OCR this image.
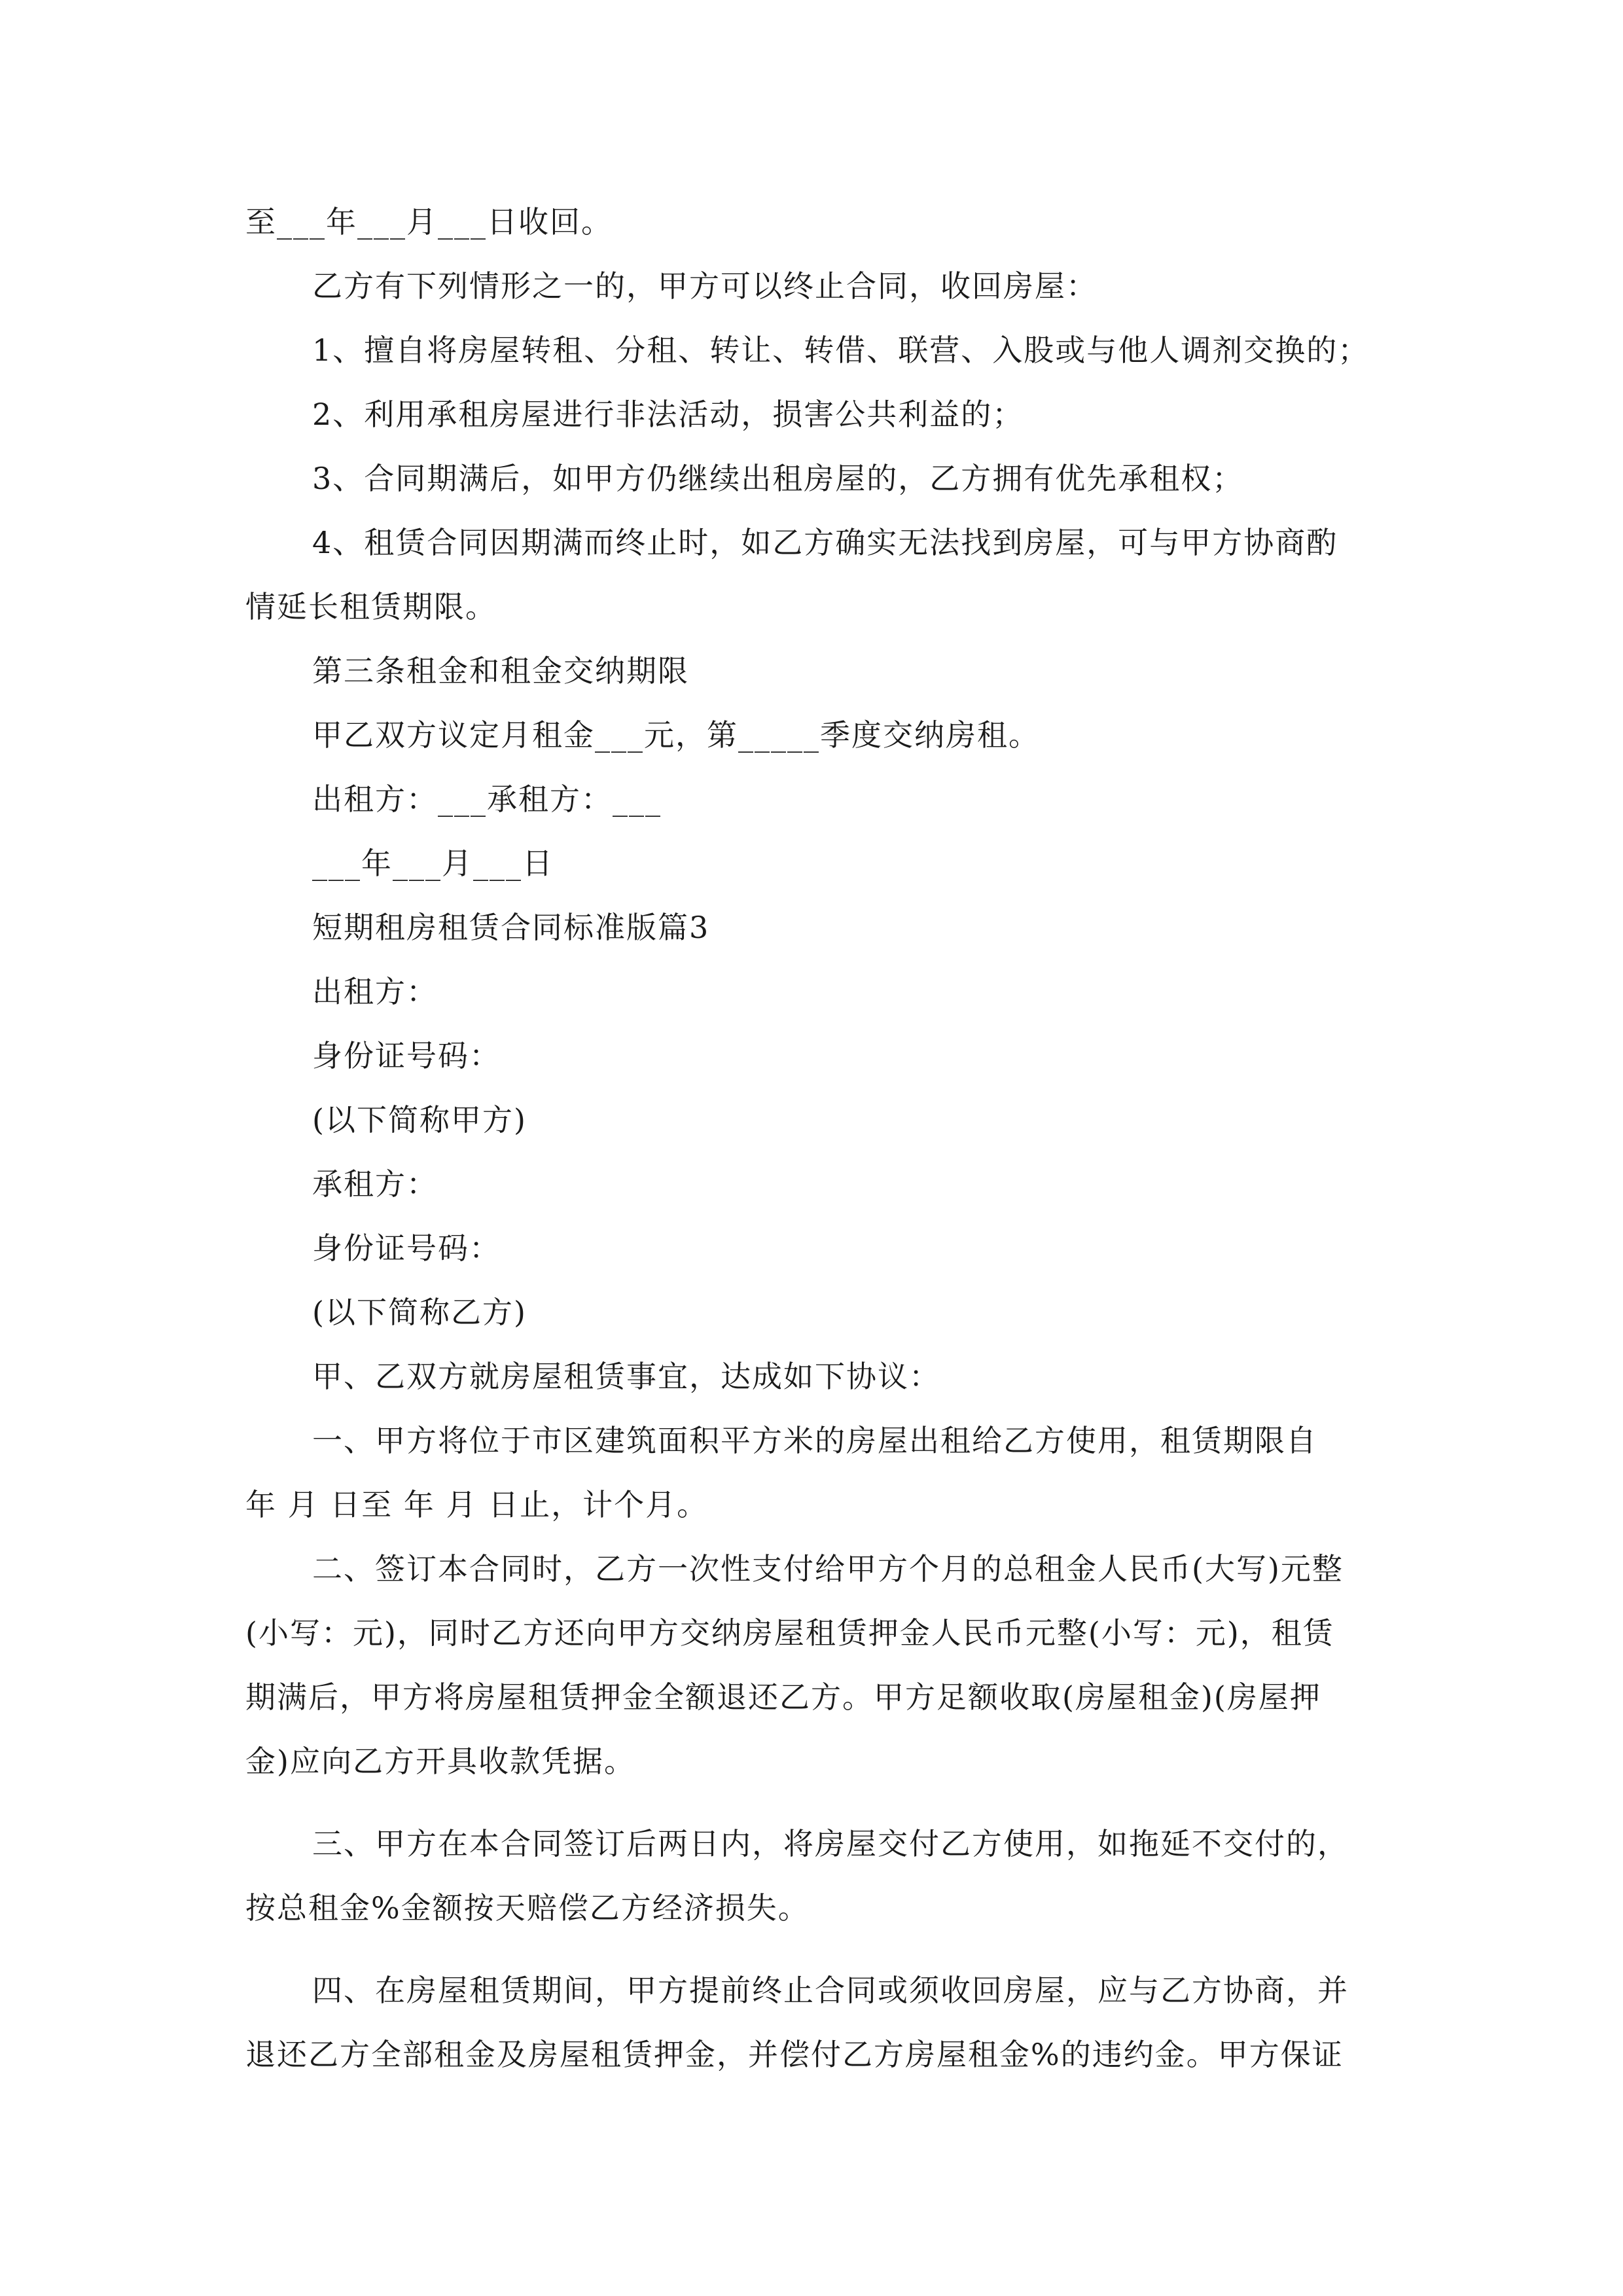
至___年___月___日收回。
乙方有下列情形之一的，甲方可以终止合同，收回房屋：
1、擅自将房屋转租、分租、转让、转借、联营、入股或与他人调剂交换的；
2、利用承租房屋进行非法活动，损害公共利益的；
3、合同期满后，如甲方仍继续出租房屋的，乙方拥有优先承租权；
4、租赁合同因期满而终止时，如乙方确实无法找到房屋，可与甲方协商酌
情延长租赁期限。
第三条租金和租金交纳期限
甲乙双方议定月租金___元，第_____季度交纳房租。
出租方：___承租方：___
___年___月___日
短期租房租赁合同标准版篇3
出租方：
身份证号码：
(以下简称甲方)
承租方：
身份证号码：
(以下简称乙方)
甲、乙双方就房屋租赁事宜，达成如下协议：
一、甲方将位于市区建筑面积平方米的房屋出租给乙方使用，租赁期限自
年 月 日至 年 月 日止，计个月。
二、签订本合同时，乙方一次性支付给甲方个月的总租金人民币(大写)元整
(小写：元)，同时乙方还向甲方交纳房屋租赁押金人民币元整(小写：元)，租赁
期满后，甲方将房屋租赁押金全额退还乙方。甲方足额收取(房屋租金)(房屋押
金)应向乙方开具收款凭据。
三、甲方在本合同签订后两日内，将房屋交付乙方使用，如拖延不交付的，
按总租金%金额按天赔偿乙方经济损失。
四、在房屋租赁期间，甲方提前终止合同或须收回房屋，应与乙方协商，并
退还乙方全部租金及房屋租赁押金，并偿付乙方房屋租金%的违约金。甲方保证
